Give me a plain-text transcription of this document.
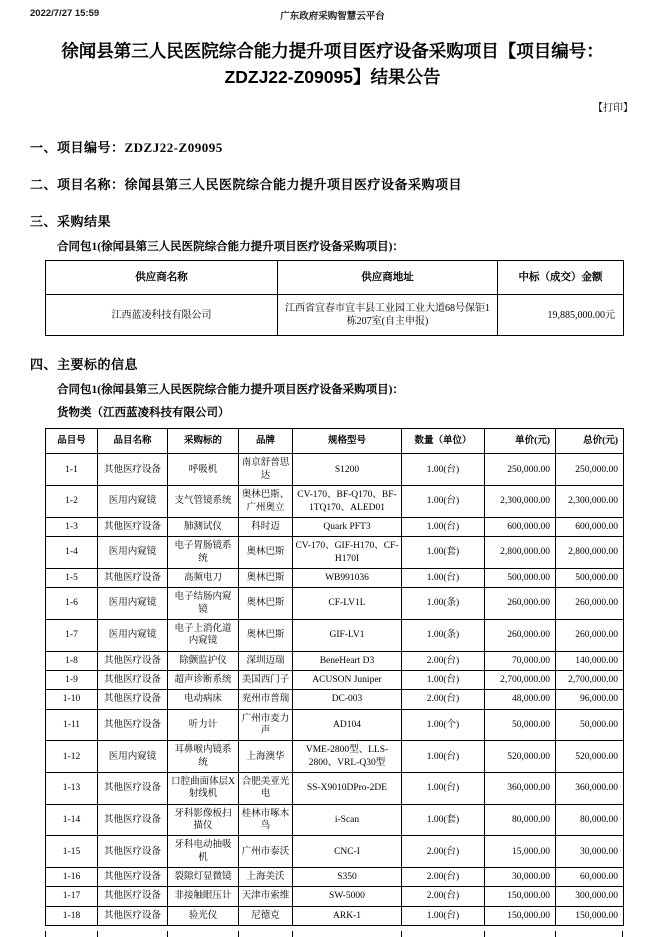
2022/7/27 15:59	广东政府采购智慧云平台
徐闻县第三人民医院综合能力提升项目医疗设备采购项目【项目编号：ZDZJ22-Z09095】结果公告
【打印】
一、项目编号：ZDZJ22-Z09095
二、项目名称：徐闻县第三人民医院综合能力提升项目医疗设备采购项目
三、采购结果
合同包1(徐闻县第三人民医院综合能力提升项目医疗设备采购项目)：
供应商名称	供应商地址	中标（成交）金额
江西蓝凌科技有限公司	江西省宜春市宜丰县工业园工业大道68号保钜1栋207室(自主申报)	19,885,000.00元
四、主要标的信息
合同包1(徐闻县第三人民医院综合能力提升项目医疗设备采购项目)：
货物类（江西蓝凌科技有限公司）
品目号	品目名称	采购标的	品牌	规格型号	数量（单位）	单价(元)	总价(元)
1-1	其他医疗设备	呼吸机	南京舒普思达	S1200	1.00(台)	250,000.00	250,000.00
1-2	医用内窥镜	支气管镜系统	奥林巴斯、广州奥立	CV-170、BF-Q170、BF-1TQ170、ALED01	1.00(台)	2,300,000.00	2,300,000.00
1-3	其他医疗设备	肺测试仪	科时迈	Quark PFT3	1.00(台)	600,000.00	600,000.00
1-4	医用内窥镜	电子胃肠镜系统	奥林巴斯	CV-170、GIF-H170、CF-H170I	1.00(套)	2,800,000.00	2,800,000.00
1-5	其他医疗设备	高频电刀	奥林巴斯	WB991036	1.00(台)	500,000.00	500,000.00
1-6	医用内窥镜	电子结肠内窥镜	奥林巴斯	CF-LV1L	1.00(条)	260,000.00	260,000.00
1-7	医用内窥镜	电子上消化道内窥镜	奥林巴斯	GIF-LV1	1.00(条)	260,000.00	260,000.00
1-8	其他医疗设备	除颤监护仪	深圳迈瑞	BeneHeart D3	2.00(台)	70,000.00	140,000.00
1-9	其他医疗设备	超声诊断系统	美国西门子	ACUSON Juniper	1.00(台)	2,700,000.00	2,700,000.00
1-10	其他医疗设备	电动病床	兖州市普瑞	DC-003	2.00(台)	48,000.00	96,000.00
1-11	其他医疗设备	听力计	广州市麦力声	AD104	1.00(个)	50,000.00	50,000.00
1-12	医用内窥镜	耳鼻喉内镜系统	上海澳华	VME-2800型、LLS-2800、VRL-Q30型	1.00(台)	520,000.00	520,000.00
1-13	其他医疗设备	口腔曲面体层X射线机	合肥美亚光电	SS-X9010DPro-2DE	1.00(台)	360,000.00	360,000.00
1-14	其他医疗设备	牙科影像板扫描仪	桂林市啄木鸟	i-Scan	1.00(套)	80,000.00	80,000.00
1-15	其他医疗设备	牙科电动抽吸机	广州市泰沃	CNC-I	2.00(台)	15,000.00	30,000.00
1-16	其他医疗设备	裂隙灯显微镜	上海美沃	S350	2.00(台)	30,000.00	60,000.00
1-17	其他医疗设备	非接触眼压计	天津市索维	SW-5000	2.00(台)	150,000.00	300,000.00
1-18	其他医疗设备	验光仪	尼德克	ARK-1	1.00(台)	150,000.00	150,000.00
